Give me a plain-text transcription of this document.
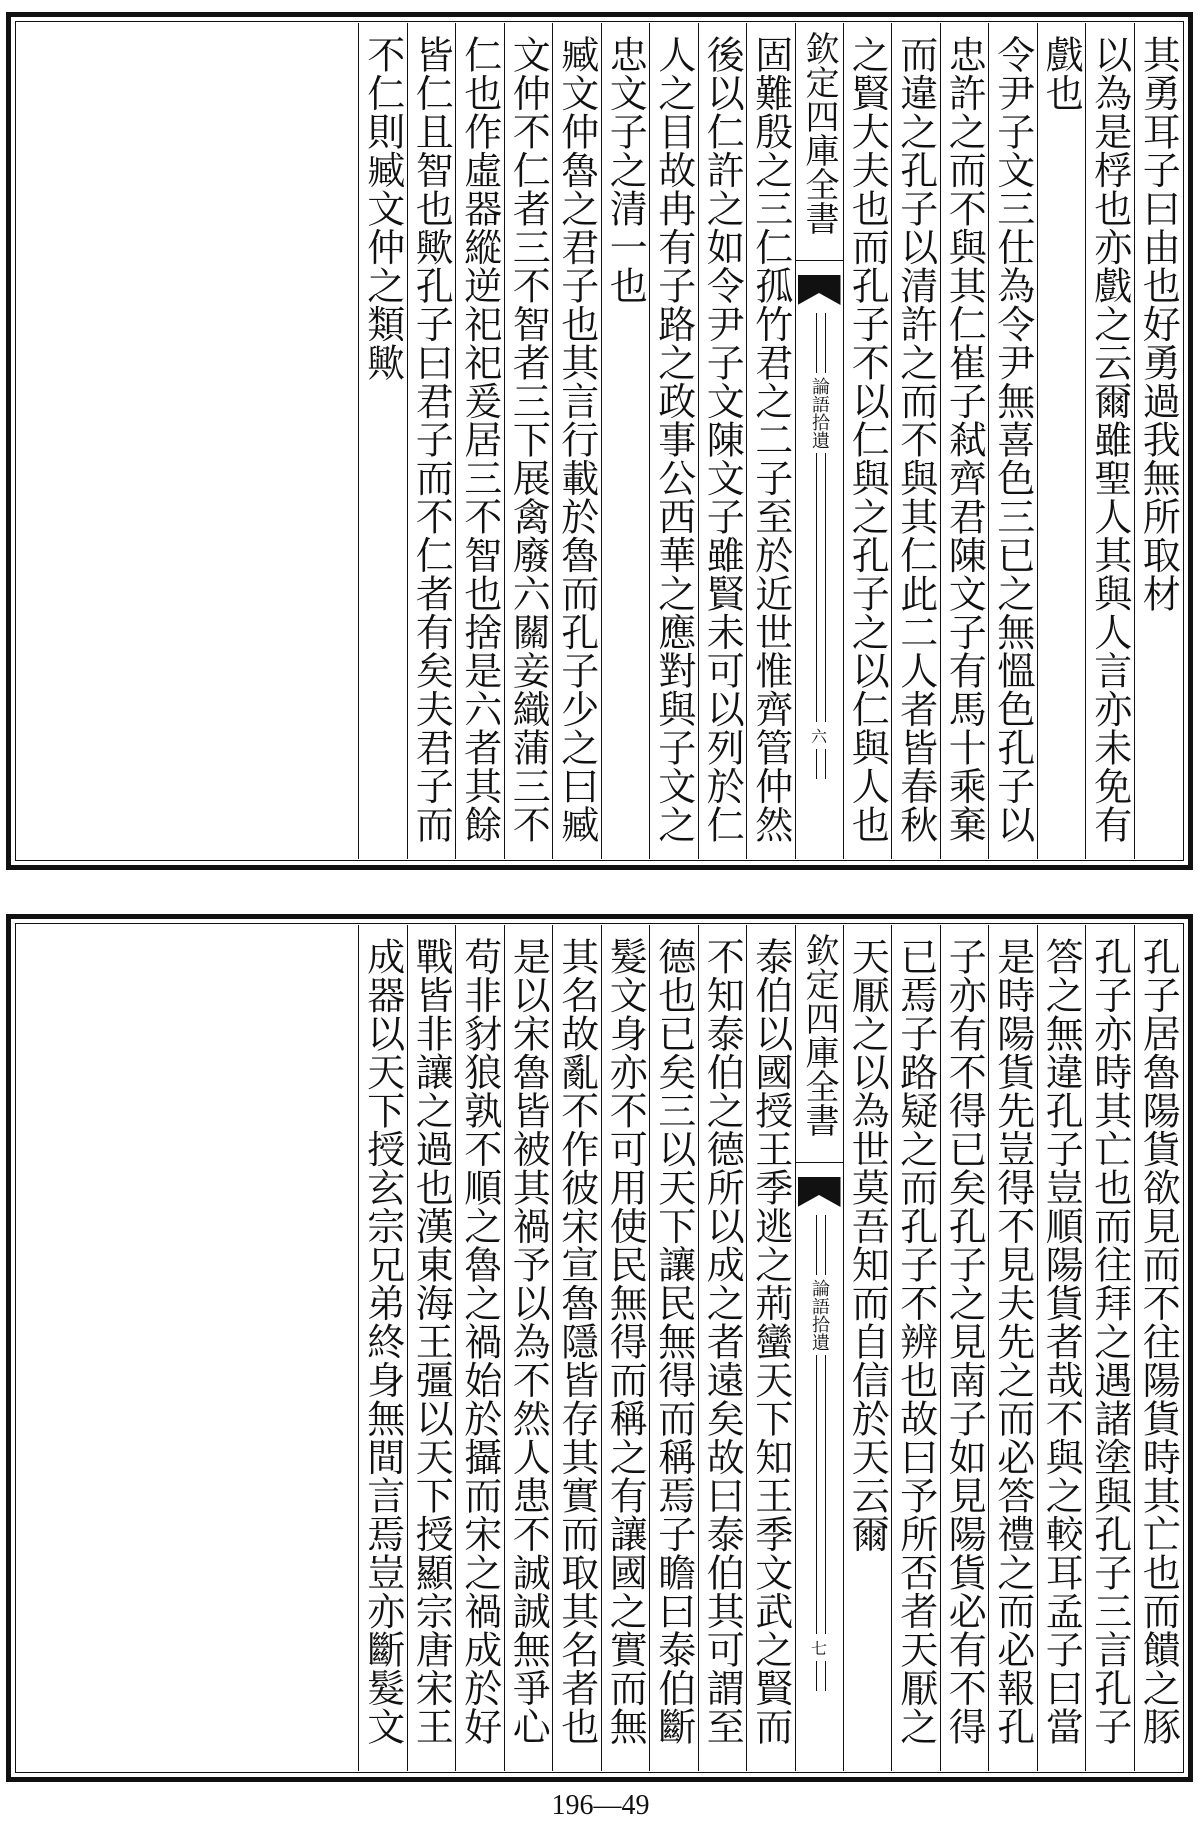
其勇耳子曰由也好勇過我無所取材
以為是桴也亦戲之云爾雖聖人其與人言亦未免有
戲也
令尹子文三仕為令尹無喜色三已之無慍色孔子以
忠許之而不與其仁崔子弒齊君陳文子有馬十乘棄
而違之孔子以清許之而不與其仁此二人者皆春秋
之賢大夫也而孔子不以仁與之孔子之以仁與人也
欽定四庫全書
論語拾遺
六
固難殷之三仁孤竹君之二子至於近世惟齊管仲然
後以仁許之如令尹子文陳文子雖賢未可以列於仁
人之目故冉有子路之政事公西華之應對與子文之
忠文子之清一也
臧文仲魯之君子也其言行載於魯而孔子少之曰臧
文仲不仁者三不智者三下展禽廢六關妾織蒲三不
仁也作虛器縱逆祀祀爰居三不智也捨是六者其餘
皆仁且智也歟孔子曰君子而不仁者有矣夫君子而
不仁則臧文仲之類歟
孔子居魯陽貨欲見而不往陽貨時其亡也而饋之豚
孔子亦時其亡也而往拜之遇諸塗與孔子三言孔子
答之無違孔子豈順陽貨者哉不與之較耳孟子曰當
是時陽貨先豈得不見夫先之而必答禮之而必報孔
子亦有不得已矣孔子之見南子如見陽貨必有不得
已焉子路疑之而孔子不辨也故曰予所否者天厭之
天厭之以為世莫吾知而自信於天云爾
欽定四庫全書
論語拾遺
七
泰伯以國授王季逃之荊蠻天下知王季文武之賢而
不知泰伯之德所以成之者遠矣故曰泰伯其可謂至
德也已矣三以天下讓民無得而稱焉子瞻曰泰伯斷
髮文身亦不可用使民無得而稱之有讓國之實而無
其名故亂不作彼宋宣魯隱皆存其實而取其名者也
是以宋魯皆被其禍予以為不然人患不誠誠無爭心
苟非豺狼孰不順之魯之禍始於攝而宋之禍成於好
戰皆非讓之過也漢東海王彊以天下授顯宗唐宋王
成器以天下授玄宗兄弟終身無間言焉豈亦斷髮文
196—49
